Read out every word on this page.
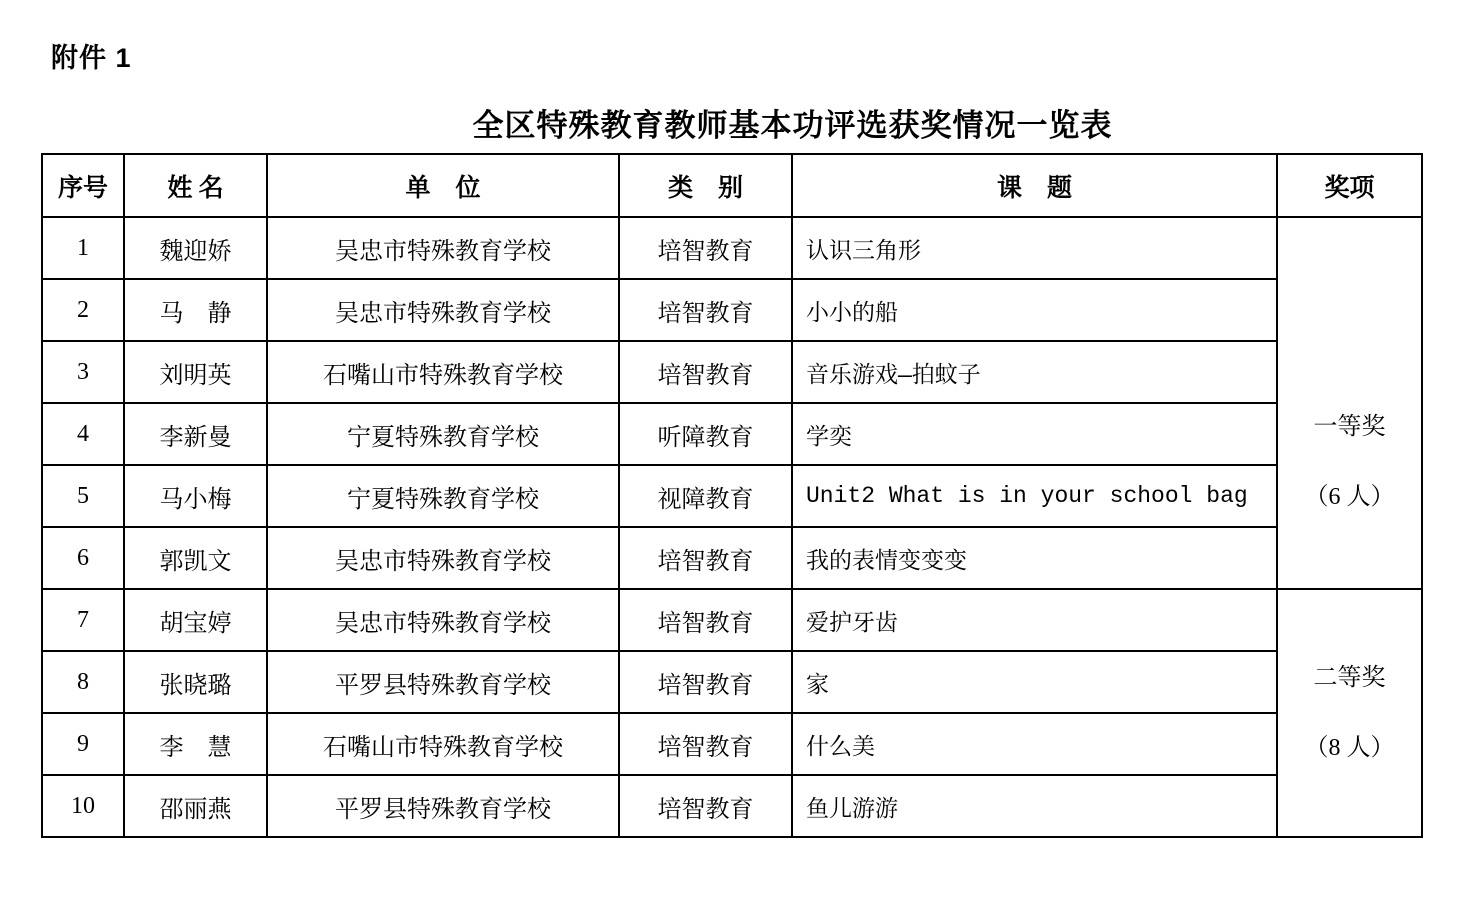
附件 1
全区特殊教育教师基本功评选获奖情况一览表
序号	姓 名	单　位	类　别	课　题	奖项
1	魏迎娇	吴忠市特殊教育学校	培智教育	认识三角形	一等奖
（6 人）

2	马　静	吴忠市特殊教育学校	培智教育	小小的船	
3	刘明英	石嘴山市特殊教育学校	培智教育	音乐游戏—拍蚊子	
4	李新曼	宁夏特殊教育学校	听障教育	学奕	
5	马小梅	宁夏特殊教育学校	视障教育	Unit2 What is in your school bag	
6	郭凯文	吴忠市特殊教育学校	培智教育	我的表情变变变	
7	胡宝婷	吴忠市特殊教育学校	培智教育	爱护牙齿	二等奖
（8 人）

8	张晓璐	平罗县特殊教育学校	培智教育	家	
9	李　慧	石嘴山市特殊教育学校	培智教育	什么美	
10	邵丽燕	平罗县特殊教育学校	培智教育	鱼儿游游	
